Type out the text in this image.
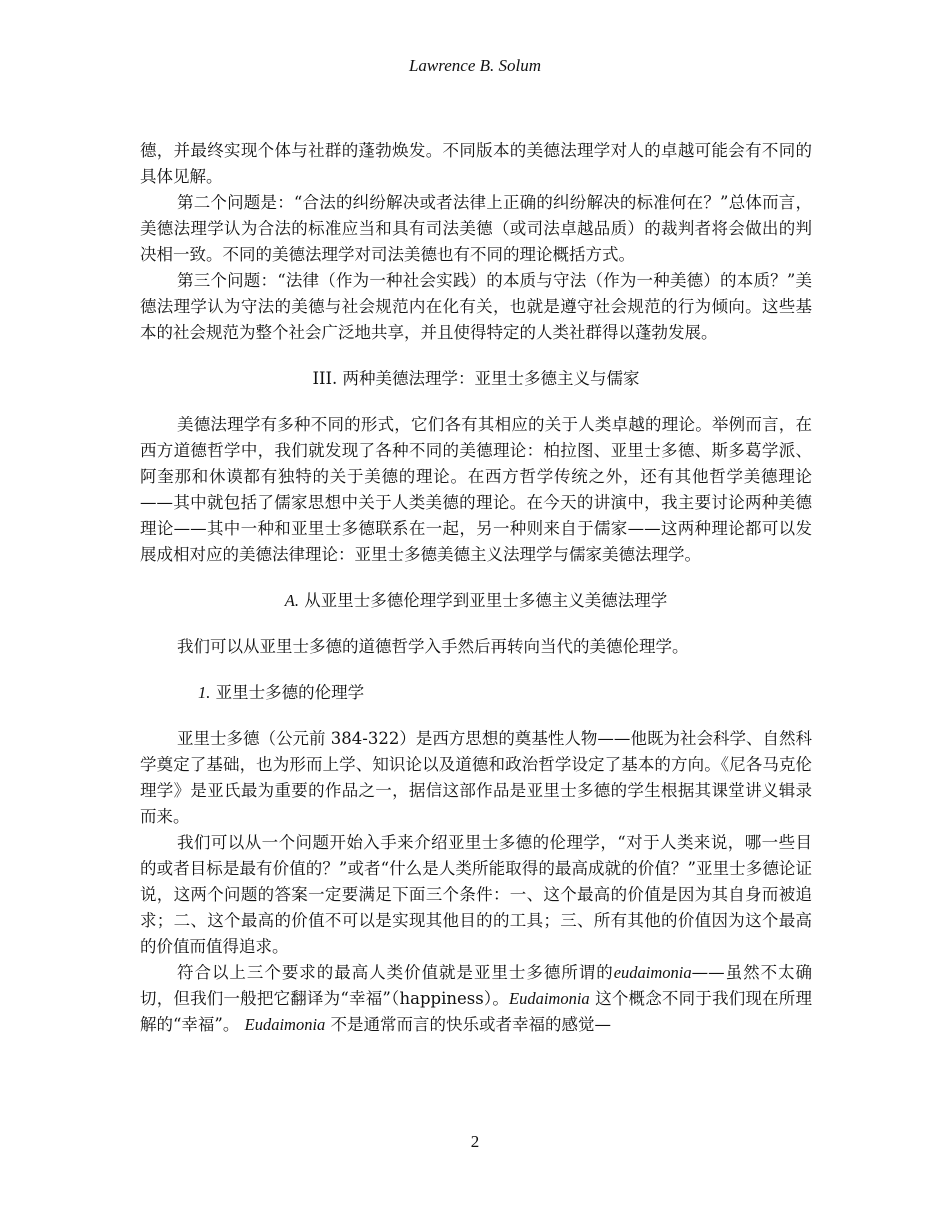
Lawrence B. Solum

德，并最终实现个体与社群的蓬勃焕发。不同版本的美德法理学对人的卓越可能会有不同的具体见解。

第二个问题是：“合法的纠纷解决或者法律上正确的纠纷解决的标准何在？”总体而言，美德法理学认为合法的标准应当和具有司法美德（或司法卓越品质）的裁判者将会做出的判决相一致。不同的美德法理学对司法美德也有不同的理论概括方式。

第三个问题：“法律（作为一种社会实践）的本质与守法（作为一种美德）的本质？”美德法理学认为守法的美德与社会规范内在化有关，也就是遵守社会规范的行为倾向。这些基本的社会规范为整个社会广泛地共享，并且使得特定的人类社群得以蓬勃发展。

III. 两种美德法理学：亚里士多德主义与儒家

美德法理学有多种不同的形式，它们各有其相应的关于人类卓越的理论。举例而言，在西方道德哲学中，我们就发现了各种不同的美德理论：柏拉图、亚里士多德、斯多葛学派、阿奎那和休谟都有独特的关于美德的理论。在西方哲学传统之外，还有其他哲学美德理论——其中就包括了儒家思想中关于人类美德的理论。在今天的讲演中，我主要讨论两种美德理论——其中一种和亚里士多德联系在一起，另一种则来自于儒家——这两种理论都可以发展成相对应的美德法律理论：亚里士多德美德主义法理学与儒家美德法理学。

A. 从亚里士多德伦理学到亚里士多德主义美德法理学

我们可以从亚里士多德的道德哲学入手然后再转向当代的美德伦理学。

1. 亚里士多德的伦理学

亚里士多德（公元前 384-322）是西方思想的奠基性人物——他既为社会科学、自然科学奠定了基础，也为形而上学、知识论以及道德和政治哲学设定了基本的方向。《尼各马克伦理学》是亚氏最为重要的作品之一，据信这部作品是亚里士多德的学生根据其课堂讲义辑录而来。

我们可以从一个问题开始入手来介绍亚里士多德的伦理学，“对于人类来说，哪一些目的或者目标是最有价值的？”或者“什么是人类所能取得的最高成就的价值？”亚里士多德论证说，这两个问题的答案一定要满足下面三个条件：一、这个最高的价值是因为其自身而被追求；二、这个最高的价值不可以是实现其他目的的工具；三、所有其他的价值因为这个最高的价值而值得追求。

符合以上三个要求的最高人类价值就是亚里士多德所谓的eudaimonia——虽然不太确切，但我们一般把它翻译为“幸福”（happiness）。Eudaimonia 这个概念不同于我们现在所理解的“幸福”。 Eudaimonia 不是通常而言的快乐或者幸福的感觉—

2
